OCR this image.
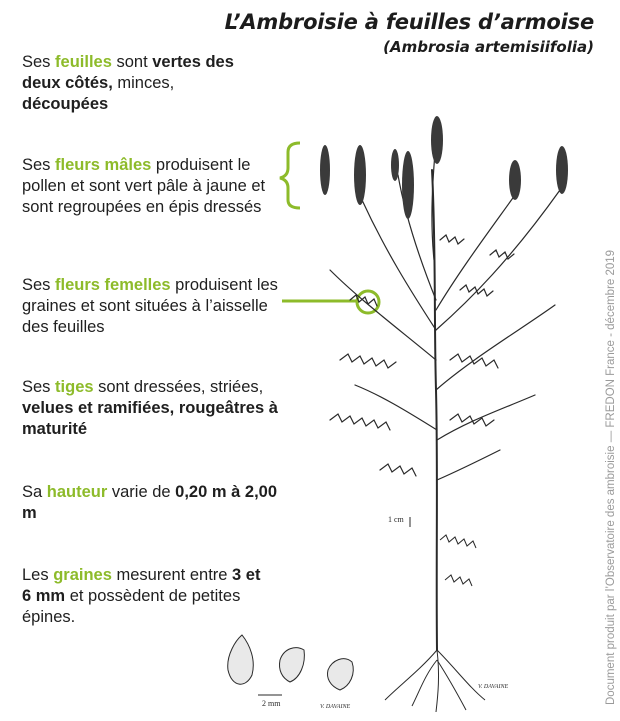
L’Ambroisie à feuilles d’armoise
(Ambrosia artemisiifolia)
Ses feuilles sont vertes des deux côtés, minces, découpées
Ses fleurs mâles produisent le pollen et sont vert pâle à jaune et sont regroupées en épis dressés
Ses fleurs femelles produisent les graines et sont situées à l’aisselle des feuilles
Ses tiges sont dressées, striées, velues et ramifiées, rougeâtres à maturité
Sa hauteur varie de 0,20 m à 2,00 m
Les graines mesurent entre 3 et 6 mm et possèdent de petites épines.
1 cm
2 mm	V. DAVAINE
V. DAVAINE	Document produit par l’Observatoire des ambroisie — FREDON France - décembre 2019
